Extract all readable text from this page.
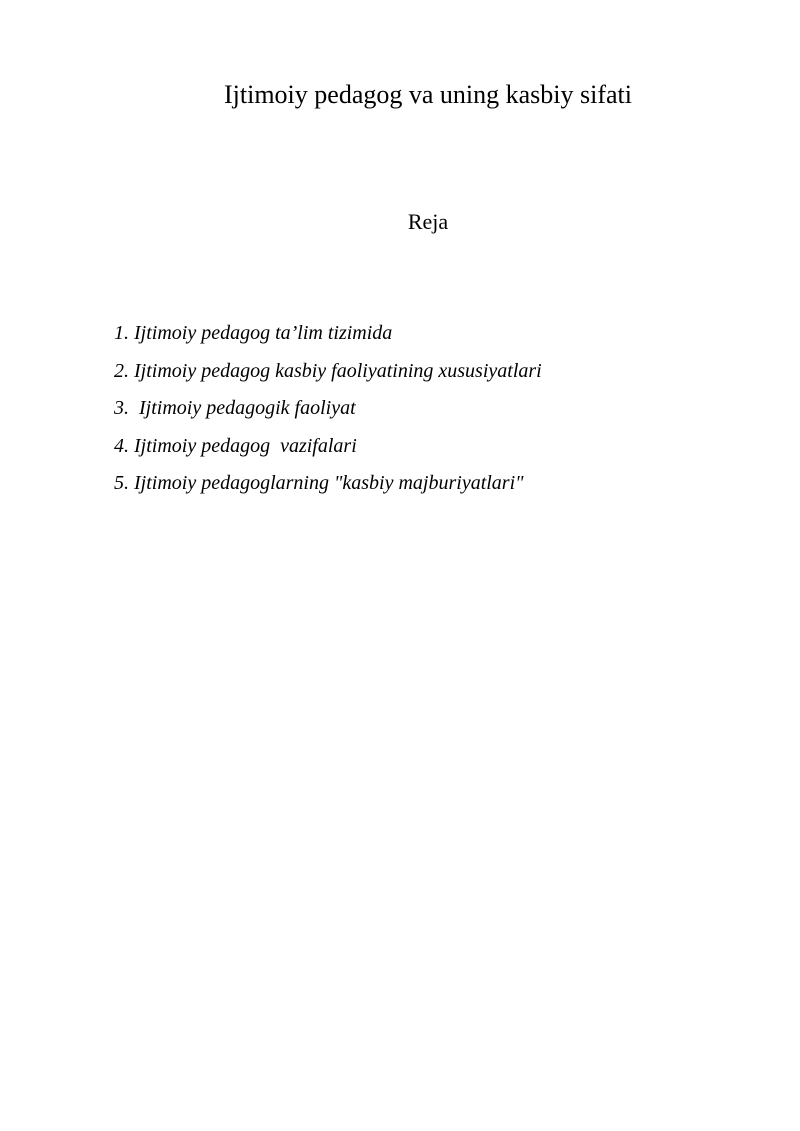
Ijtimoiy pedagog va uning kasbiy sifati
Reja
1. Ijtimoiy pedagog ta’lim tizimida
2. Ijtimoiy pedagog kasbiy faoliyatining xususiyatlari
3.  Ijtimoiy pedagogik faoliyat
4. Ijtimoiy pedagog  vazifalari
5. Ijtimoiy pedagoglarning "kasbiy majburiyatlari"
